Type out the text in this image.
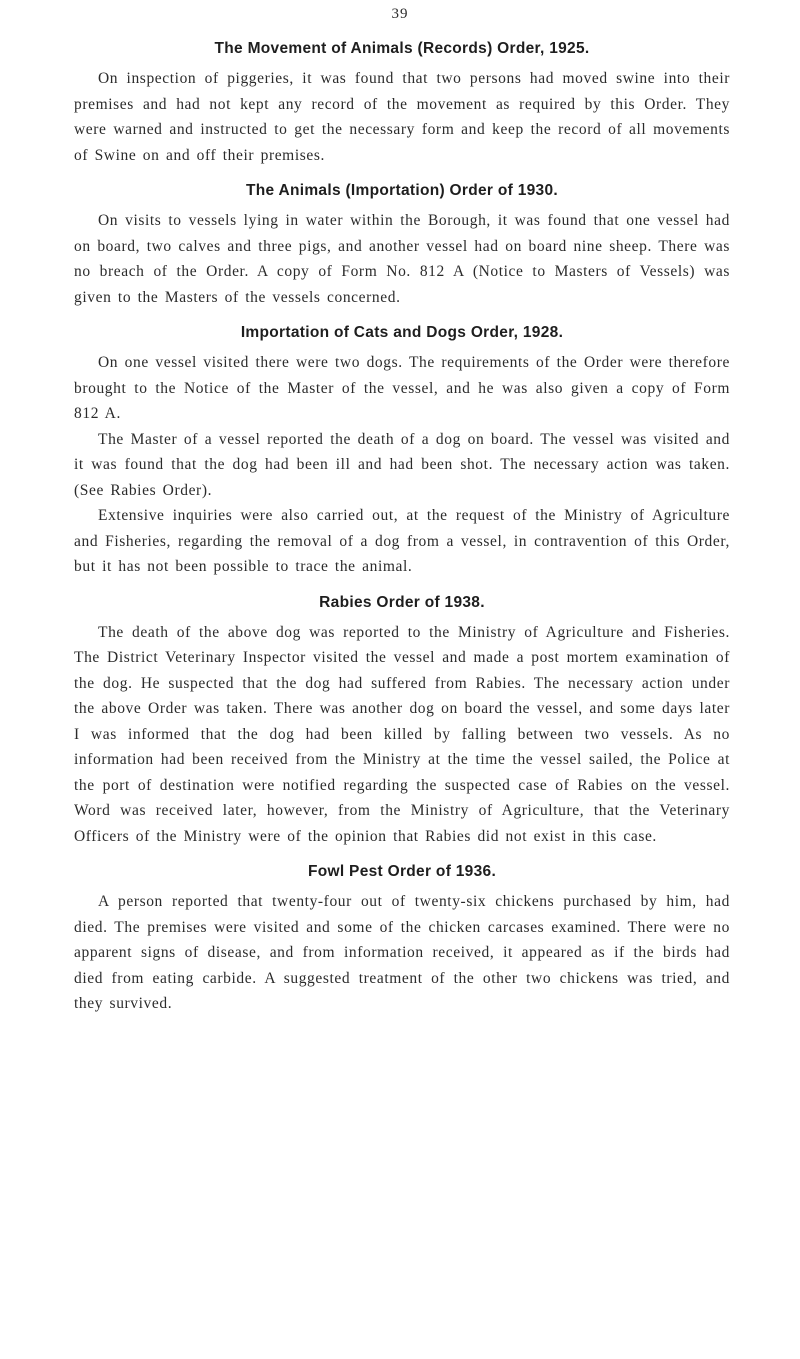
39
The Movement of Animals (Records) Order, 1925.

On inspection of piggeries, it was found that two persons had moved swine into their premises and had not kept any record of the movement as required by this Order. They were warned and instructed to get the necessary form and keep the record of all movements of Swine on and off their premises.

The Animals (Importation) Order of 1930.

On visits to vessels lying in water within the Borough, it was found that one vessel had on board, two calves and three pigs, and another vessel had on board nine sheep. There was no breach of the Order. A copy of Form No. 812 A (Notice to Masters of Vessels) was given to the Masters of the vessels concerned.

Importation of Cats and Dogs Order, 1928.

On one vessel visited there were two dogs. The requirements of the Order were therefore brought to the Notice of the Master of the vessel, and he was also given a copy of Form 812 A.

The Master of a vessel reported the death of a dog on board. The vessel was visited and it was found that the dog had been ill and had been shot. The necessary action was taken. (See Rabies Order).

Extensive inquiries were also carried out, at the request of the Ministry of Agriculture and Fisheries, regarding the removal of a dog from a vessel, in contravention of this Order, but it has not been possible to trace the animal.

Rabies Order of 1938.

The death of the above dog was reported to the Ministry of Agriculture and Fisheries. The District Veterinary Inspector visited the vessel and made a post mortem examination of the dog. He suspected that the dog had suffered from Rabies. The necessary action under the above Order was taken. There was another dog on board the vessel, and some days later I was informed that the dog had been killed by falling between two vessels. As no information had been received from the Ministry at the time the vessel sailed, the Police at the port of destination were notified regarding the suspected case of Rabies on the vessel. Word was received later, however, from the Ministry of Agriculture, that the Veterinary Officers of the Ministry were of the opinion that Rabies did not exist in this case.

Fowl Pest Order of 1936.

A person reported that twenty-four out of twenty-six chickens purchased by him, had died. The premises were visited and some of the chicken carcases examined. There were no apparent signs of disease, and from information received, it appeared as if the birds had died from eating carbide. A suggested treatment of the other two chickens was tried, and they survived.
